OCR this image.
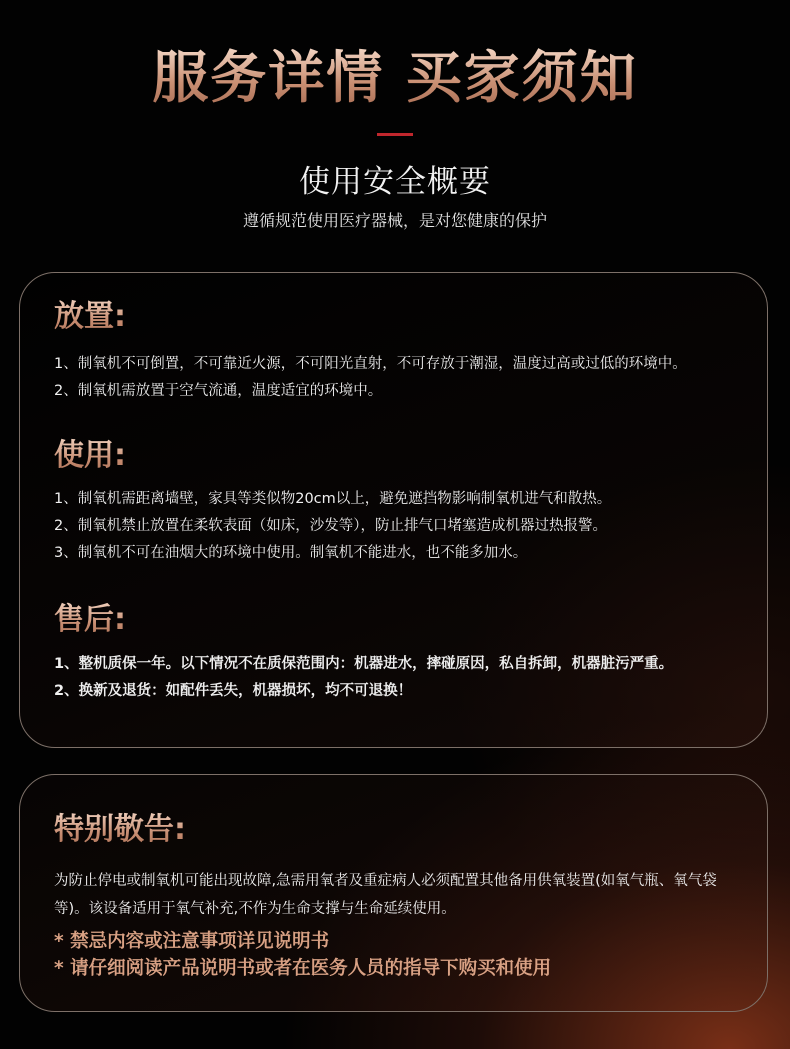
服务详情 买家须知
使用安全概要
遵循规范使用医疗器械，是对您健康的保护
放置:
1、制氧机不可倒置，不可靠近火源，不可阳光直射，不可存放于潮湿，温度过高或过低的环境中。
2、制氧机需放置于空气流通，温度适宜的环境中。
使用:
1、制氧机需距离墙壁，家具等类似物20cm以上，避免遮挡物影响制氧机进气和散热。
2、制氧机禁止放置在柔软表面（如床，沙发等），防止排气口堵塞造成机器过热报警。
3、制氧机不可在油烟大的环境中使用。制氧机不能进水，也不能多加水。
售后:
1、整机质保一年。以下情况不在质保范围内：机器进水，摔碰原因，私自拆卸，机器脏污严重。
2、换新及退货：如配件丢失，机器损坏，均不可退换！
特别敬告:
为防止停电或制氧机可能出现故障,急需用氧者及重症病人必须配置其他备用供氧装置(如氧气瓶、氧气袋等)。该设备适用于氧气补充,不作为生命支撑与生命延续使用。
* 禁忌内容或注意事项详见说明书
* 请仔细阅读产品说明书或者在医务人员的指导下购买和使用
